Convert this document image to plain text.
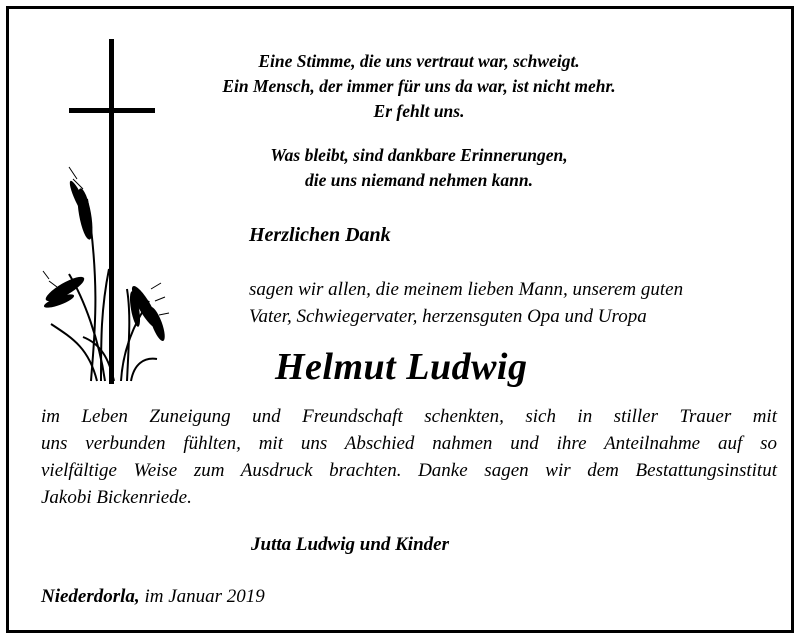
Eine Stimme, die uns vertraut war, schweigt.
Ein Mensch, der immer für uns da war, ist nicht mehr.
Er fehlt uns.
Was bleibt, sind dankbare Erinnerungen,
die uns niemand nehmen kann.
Herzlichen Dank
sagen wir allen, die meinem lieben Mann, unserem guten
Vater, Schwiegervater, herzensguten Opa und Uropa
Helmut Ludwig
im Leben Zuneigung und Freundschaft schenkten, sich in stiller Trauer mit
uns verbunden fühlten, mit uns Abschied nahmen und ihre Anteilnahme auf so
vielfältige Weise zum Ausdruck brachten. Danke sagen wir dem Bestattungsinstitut
Jakobi Bickenriede.
Jutta Ludwig und Kinder
Niederdorla, im Januar 2019
